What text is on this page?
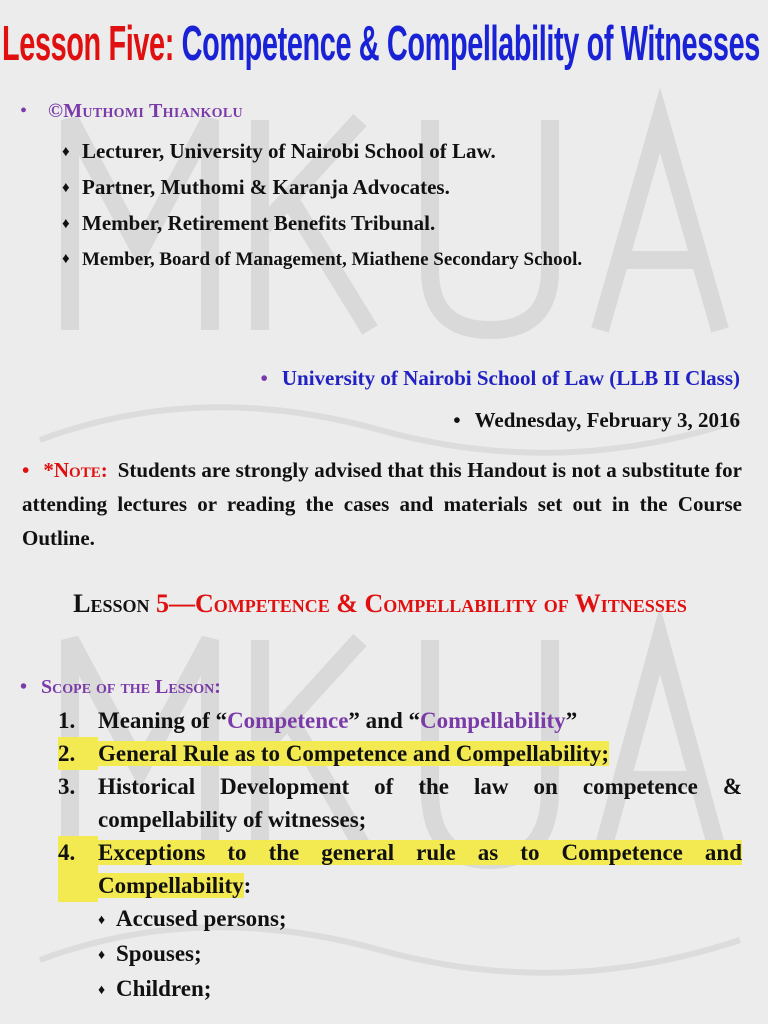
Lesson Five: Competence & Compellability of Witnesses
• ©Muthomi Thiankolu
♦ Lecturer, University of Nairobi School of Law.
♦ Partner, Muthomi & Karanja Advocates.
♦ Member, Retirement Benefits Tribunal.
♦ Member, Board of Management, Miathene Secondary School.
• University of Nairobi School of Law (LLB II Class)
• Wednesday, February 3, 2016
• *Note: Students are strongly advised that this Handout is not a substitute for attending lectures or reading the cases and materials set out in the Course Outline.
Lesson 5—Competence & Compellability of Witnesses
• Scope of the Lesson:
1. Meaning of “Competence” and “Compellability”
2. General Rule as to Competence and Compellability;
3. Historical Development of the law on competence & compellability of witnesses;
4. Exceptions to the general rule as to Competence and Compellability:
♦ Accused persons;
♦ Spouses;
♦ Children;
